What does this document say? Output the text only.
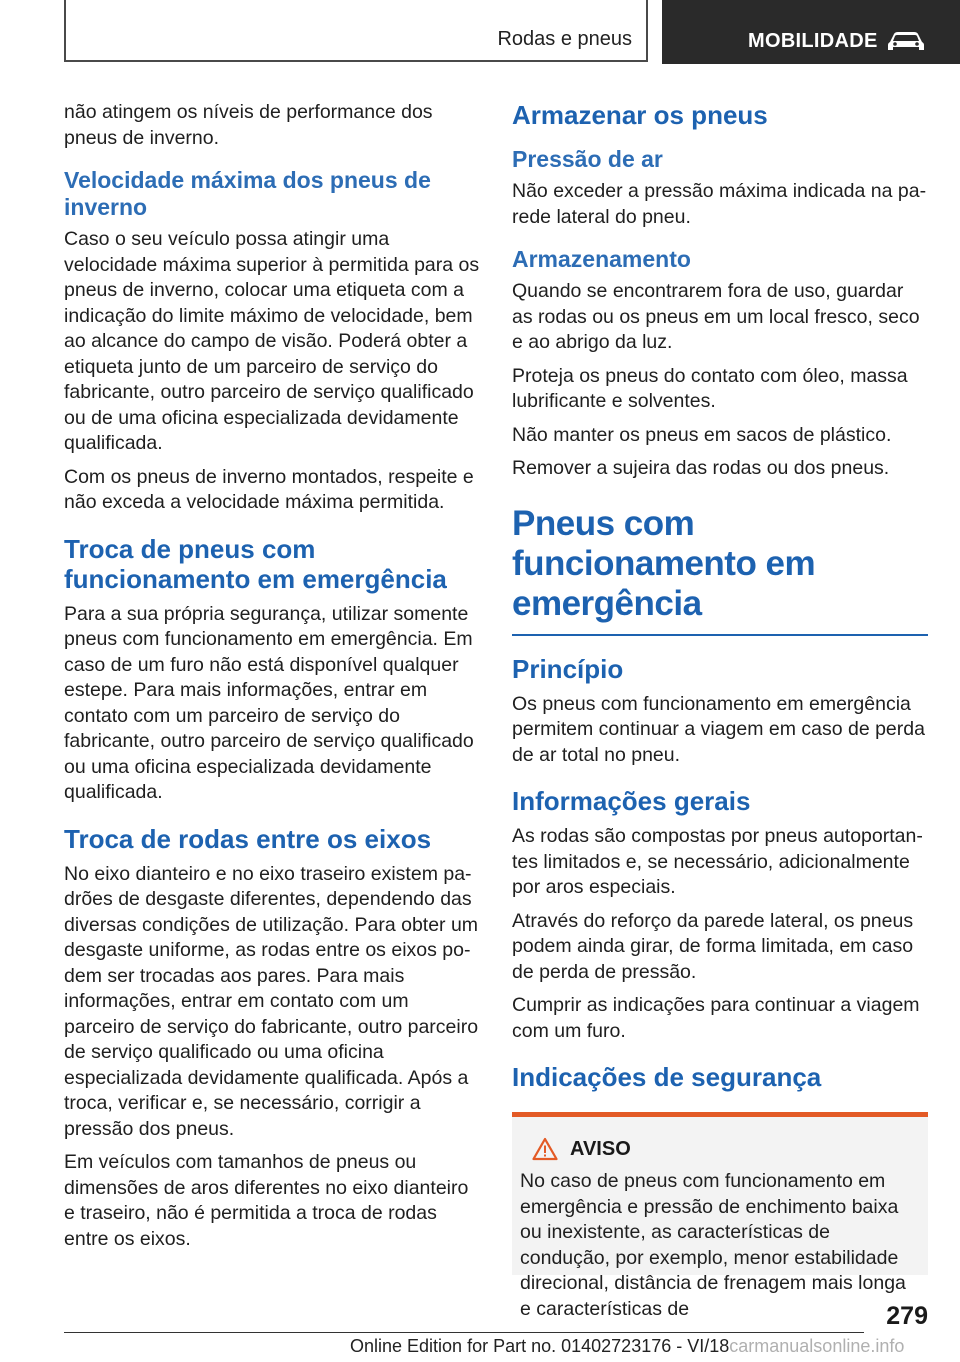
Rodas e pneus	MOBILIDADE

não atingem os níveis de performance dos pneus de inverno.

Velocidade máxima dos pneus de inverno

Caso o seu veículo possa atingir uma velocidade máxima superior à permitida para os pneus de inverno, colocar uma etiqueta com a indicação do limite máximo de velocidade, bem ao alcance do campo de visão. Poderá obter a etiqueta junto de um parceiro de serviço do fabricante, outro parceiro de serviço qualificado ou de uma oficina especializada devidamente qualificada.

Com os pneus de inverno montados, respeite e não exceda a velocidade máxima permitida.

Troca de pneus com funcionamento em emergência

Para a sua própria segurança, utilizar somente pneus com funcionamento em emergência. Em caso de um furo não está disponível qualquer estepe. Para mais informações, entrar em contato com um parceiro de serviço do fabricante, outro parceiro de serviço qualificado ou uma oficina especializada devidamente qualificada.

Troca de rodas entre os eixos

No eixo dianteiro e no eixo traseiro existem padrões de desgaste diferentes, dependendo das diversas condições de utilização. Para obter um desgaste uniforme, as rodas entre os eixos podem ser trocadas aos pares. Para mais informações, entrar em contato com um parceiro de serviço do fabricante, outro parceiro de serviço qualificado ou uma oficina especializada devidamente qualificada. Após a troca, verificar e, se necessário, corrigir a pressão dos pneus.

Em veículos com tamanhos de pneus ou dimensões de aros diferentes no eixo dianteiro e traseiro, não é permitida a troca de rodas entre os eixos.

Armazenar os pneus
Pressão de ar

Não exceder a pressão máxima indicada na parede lateral do pneu.

Armazenamento

Quando se encontrarem fora de uso, guardar as rodas ou os pneus em um local fresco, seco e ao abrigo da luz.

Proteja os pneus do contato com óleo, massa lubrificante e solventes.

Não manter os pneus em sacos de plástico.

Remover a sujeira das rodas ou dos pneus.

Pneus com funcionamento em emergência
Princípio

Os pneus com funcionamento em emergência permitem continuar a viagem em caso de perda de ar total no pneu.

Informações gerais

As rodas são compostas por pneus autoportantes limitados e, se necessário, adicionalmente por aros especiais.

Através do reforço da parede lateral, os pneus podem ainda girar, de forma limitada, em caso de perda de pressão.

Cumprir as indicações para continuar a viagem com um furo.

Indicações de segurança
AVISO

No caso de pneus com funcionamento em emergência e pressão de enchimento baixa ou inexistente, as características de condução, por exemplo, menor estabilidade direcional, distância de frenagem mais longa e características de	279
Online Edition for Part no. 01402723176 - VI/18carmanualsonline.info
